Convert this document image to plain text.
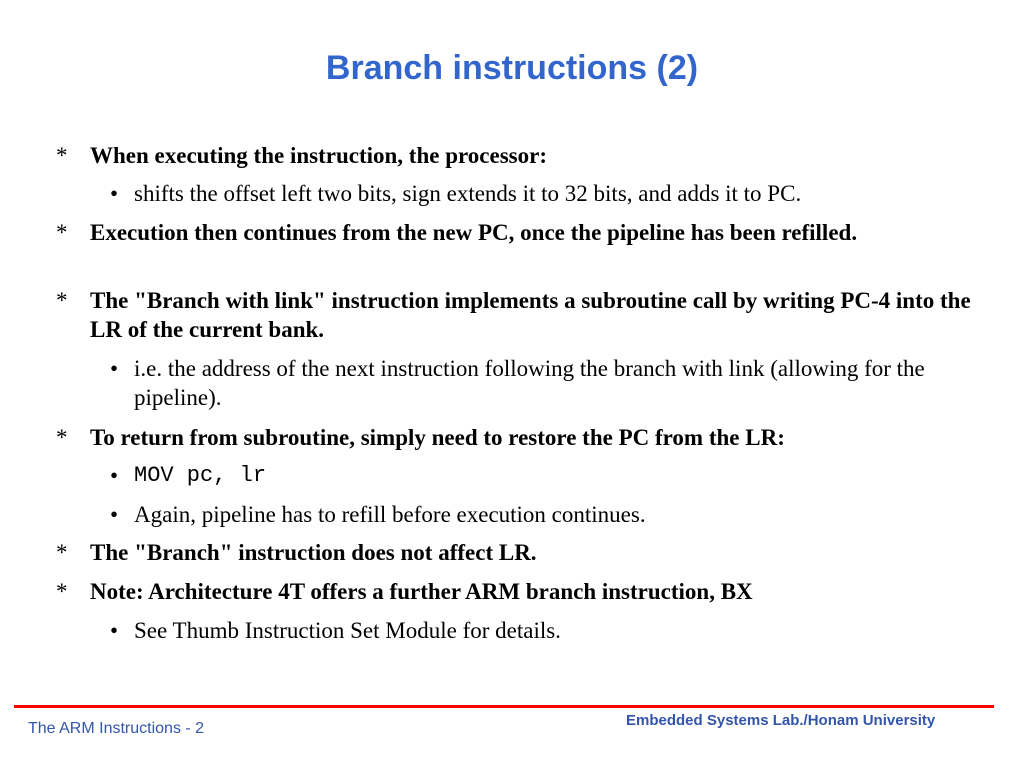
Branch instructions (2)
* When executing the instruction, the processor:
• shifts the offset left two bits, sign extends it to 32 bits, and adds it to PC.
* Execution then continues from the new PC, once the pipeline has been refilled.
* The "Branch with link" instruction implements a subroutine call by writing PC-4 into the LR of the current bank.
• i.e. the address of the next instruction following the branch with link (allowing for the pipeline).
* To return from subroutine, simply need to restore the PC from the LR:
• MOV pc, lr
• Again, pipeline has to refill before execution continues.
* The "Branch" instruction does not affect LR.
* Note: Architecture 4T offers a further ARM branch instruction, BX
• See Thumb Instruction Set Module for details.
The ARM Instructions - 2	Embedded Systems Lab./Honam University
